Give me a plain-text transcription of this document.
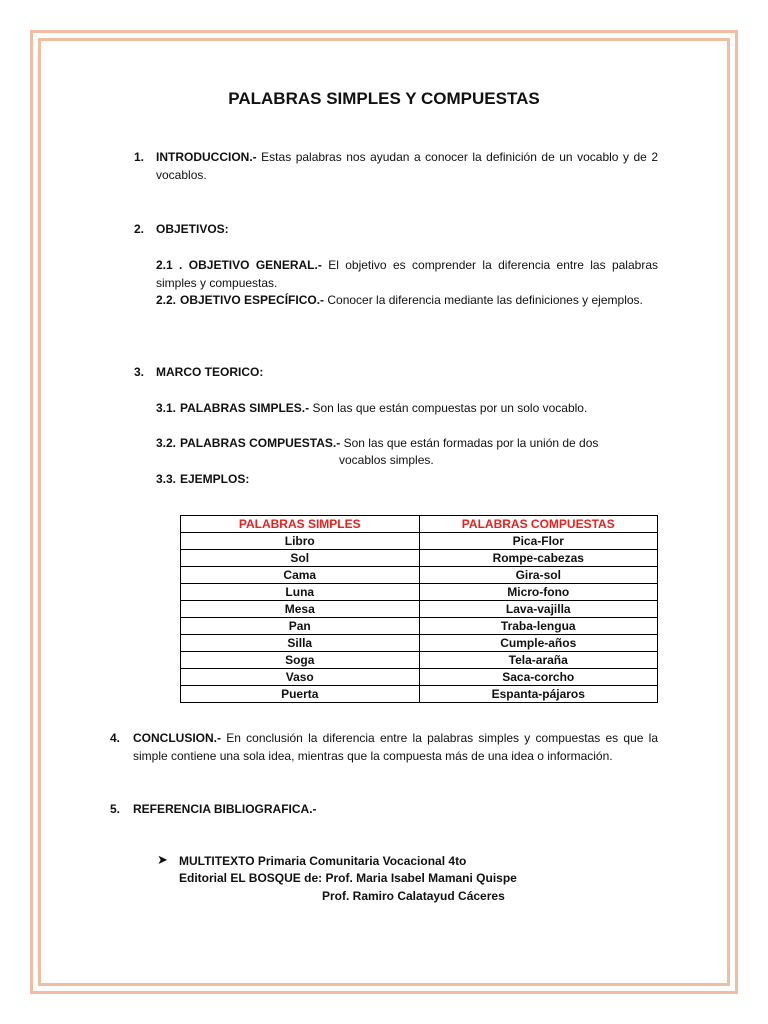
PALABRAS SIMPLES Y COMPUESTAS
1. INTRODUCCION.- Estas palabras nos ayudan a conocer la definición de un vocablo y de 2 vocablos.
2. OBJETIVOS:
2.1 . OBJETIVO GENERAL.- El objetivo es comprender la diferencia entre las palabras simples y compuestas.
2.2. OBJETIVO ESPECÍFICO.- Conocer la diferencia mediante las definiciones y ejemplos.
3. MARCO TEORICO:
3.1. PALABRAS SIMPLES.- Son las que están compuestas por un solo vocablo.
3.2. PALABRAS COMPUESTAS.- Son las que están formadas por la unión de dos
vocablos simples.
3.3. EJEMPLOS:
PALABRAS SIMPLES	PALABRAS COMPUESTAS
Libro	Pica-Flor
Sol	Rompe-cabezas
Cama	Gira-sol
Luna	Micro-fono
Mesa	Lava-vajilla
Pan	Traba-lengua
Silla	Cumple-años
Soga	Tela-araña
Vaso	Saca-corcho
Puerta	Espanta-pájaros
4. CONCLUSION.- En conclusión la diferencia entre la palabras simples y compuestas es que la simple contiene una sola idea, mientras que la compuesta más de una idea o información.
5. REFERENCIA BIBLIOGRAFICA.-
➤ MULTITEXTO Primaria Comunitaria Vocacional 4to
Editorial EL BOSQUE de: Prof. Maria Isabel Mamani Quispe
Prof. Ramiro Calatayud Cáceres
